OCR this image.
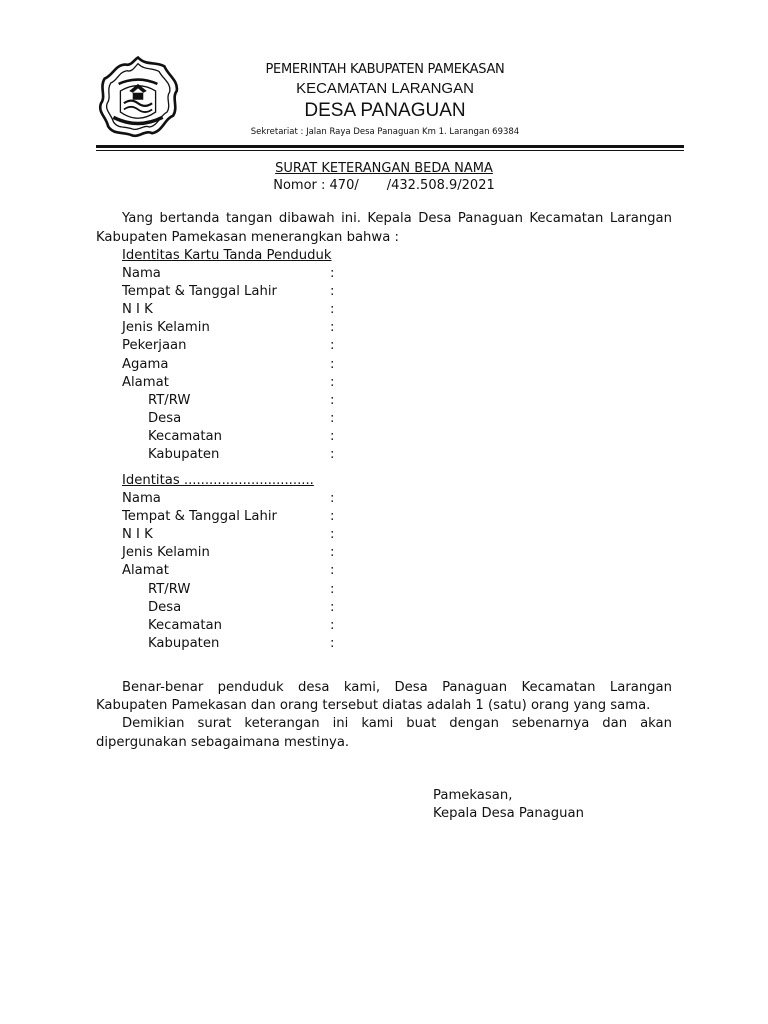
PEMERINTAH KABUPATEN PAMEKASAN
KECAMATAN LARANGAN
DESA PANAGUAN
Sekretariat : Jalan Raya Desa Panaguan Km 1. Larangan 69384
SURAT KETERANGAN BEDA NAMA
Nomor : 470/ /432.508.9/2021
Yang bertanda tangan dibawah ini. Kepala Desa Panaguan Kecamatan Larangan
Kabupaten Pamekasan menerangkan bahwa :
Identitas Kartu Tanda Penduduk
Nama	:
Tempat & Tanggal Lahir	:
N I K	:
Jenis Kelamin	:
Pekerjaan	:
Agama	:
Alamat	:
RT/RW	:
Desa	:
Kecamatan	:
Kabupaten	:
Identitas ...............................
Nama	:
Tempat & Tanggal Lahir	:
N I K	:
Jenis Kelamin	:
Alamat	:
RT/RW	:
Desa	:
Kecamatan	:
Kabupaten	:
Benar-benar penduduk desa kami, Desa Panaguan Kecamatan Larangan
Kabupaten Pamekasan dan orang tersebut diatas adalah 1 (satu) orang yang sama.
Demikian surat keterangan ini kami buat dengan sebenarnya dan akan
dipergunakan sebagaimana mestinya.
Pamekasan,
Kepala Desa Panaguan
